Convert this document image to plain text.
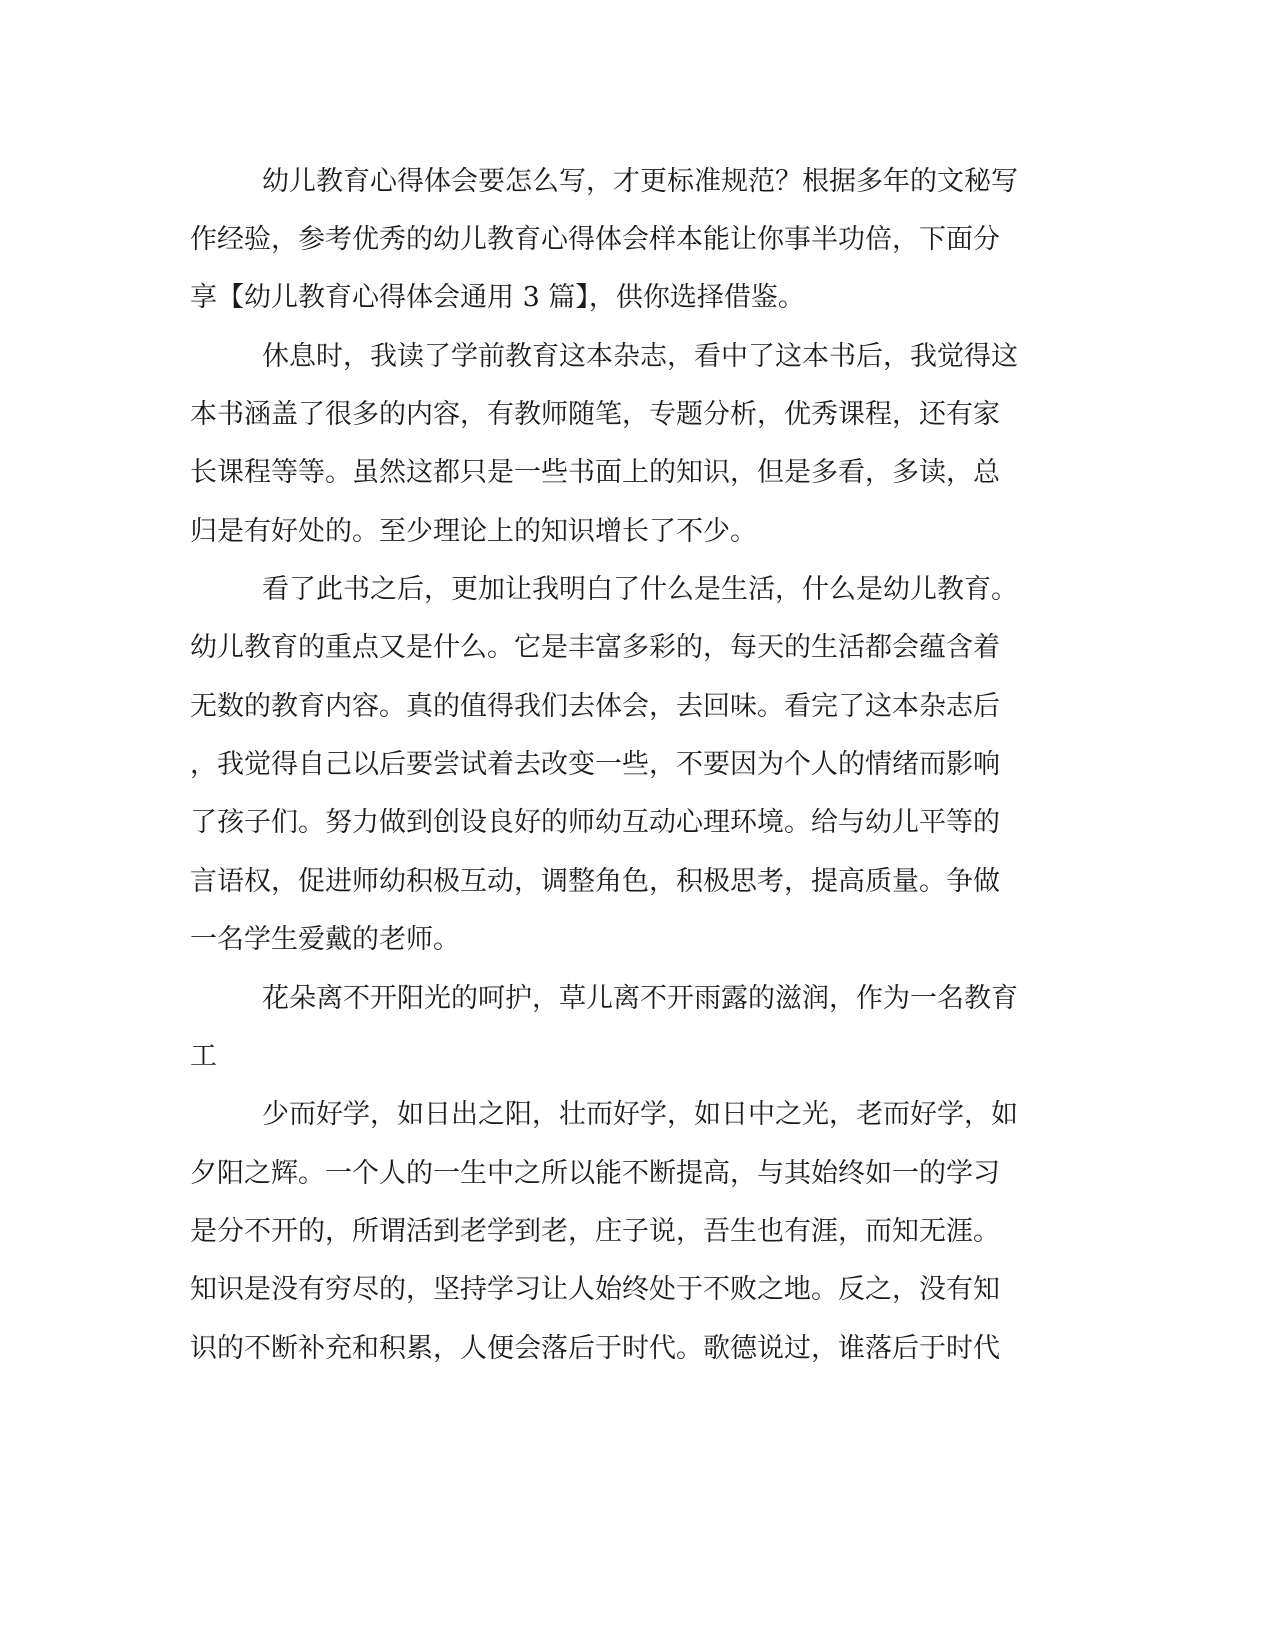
幼儿教育心得体会要怎么写，才更标准规范？根据多年的文秘写
作经验，参考优秀的幼儿教育心得体会样本能让你事半功倍，下面分
享【幼儿教育心得体会通用 3 篇】，供你选择借鉴。
休息时，我读了学前教育这本杂志，看中了这本书后，我觉得这
本书涵盖了很多的内容，有教师随笔，专题分析，优秀课程，还有家
长课程等等。虽然这都只是一些书面上的知识，但是多看，多读，总
归是有好处的。至少理论上的知识增长了不少。
看了此书之后，更加让我明白了什么是生活，什么是幼儿教育。
幼儿教育的重点又是什么。它是丰富多彩的，每天的生活都会蕴含着
无数的教育内容。真的值得我们去体会，去回味。看完了这本杂志后
，我觉得自己以后要尝试着去改变一些，不要因为个人的情绪而影响
了孩子们。努力做到创设良好的师幼互动心理环境。给与幼儿平等的
言语权，促进师幼积极互动，调整角色，积极思考，提高质量。争做
一名学生爱戴的老师。
花朵离不开阳光的呵护，草儿离不开雨露的滋润，作为一名教育
工
少而好学，如日出之阳，壮而好学，如日中之光，老而好学，如
夕阳之辉。一个人的一生中之所以能不断提高，与其始终如一的学习
是分不开的，所谓活到老学到老，庄子说，吾生也有涯，而知无涯。
知识是没有穷尽的，坚持学习让人始终处于不败之地。反之，没有知
识的不断补充和积累，人便会落后于时代。歌德说过，谁落后于时代
